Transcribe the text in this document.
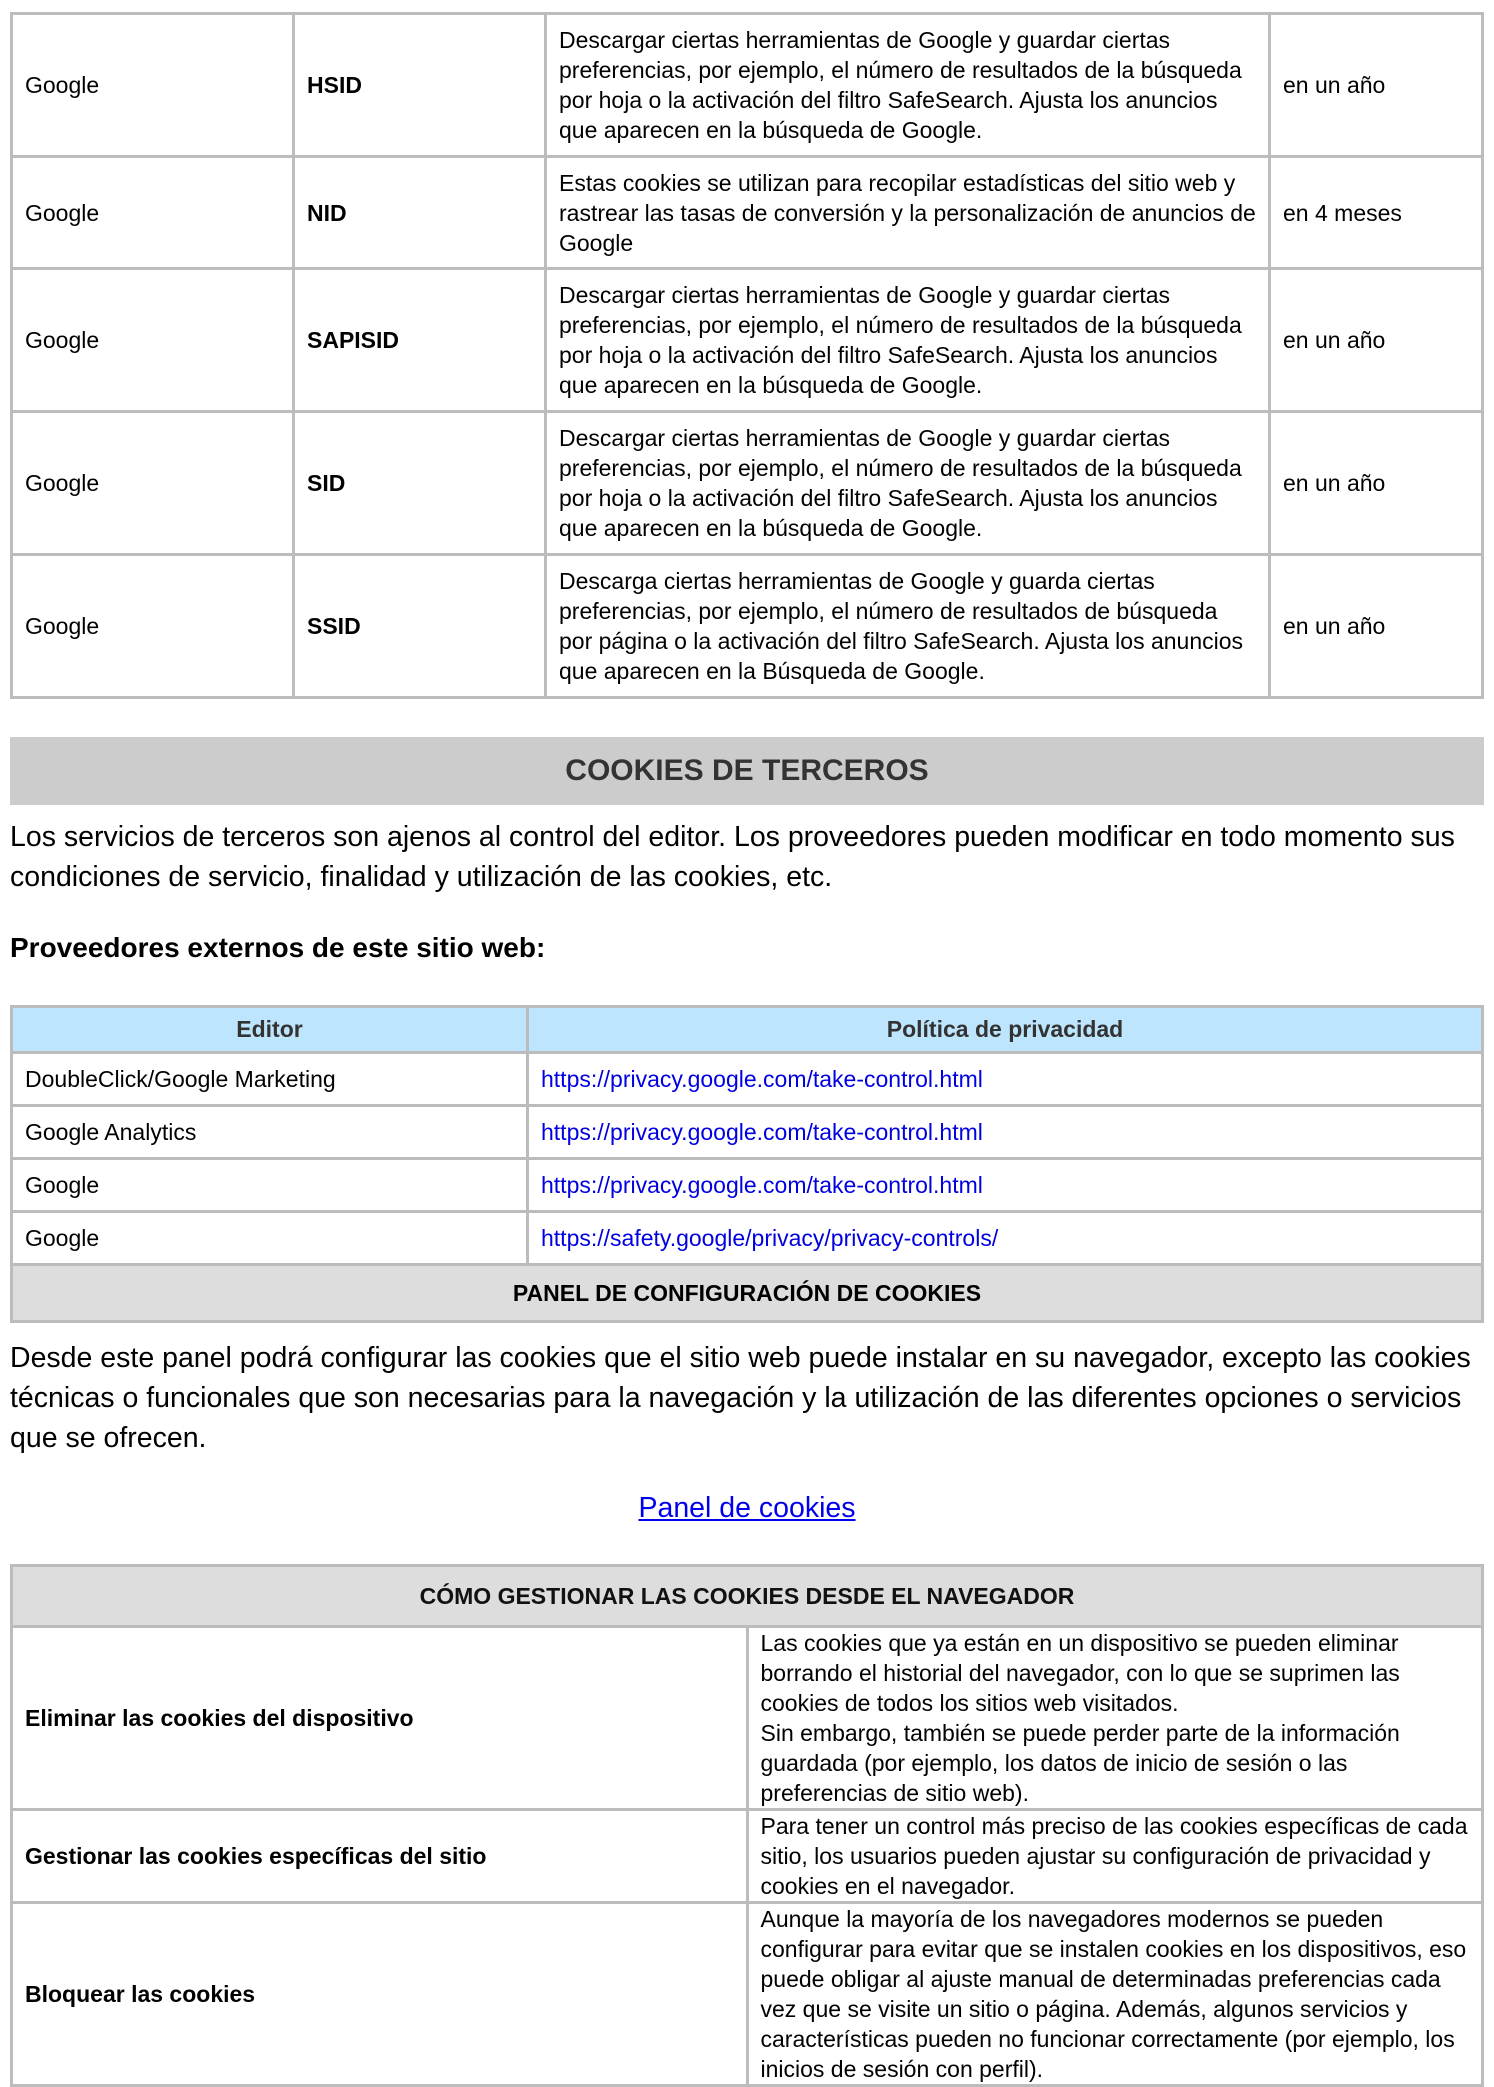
Google	HSID	Descargar ciertas herramientas de Google y guardar ciertas preferencias, por ejemplo, el número de resultados de la búsqueda por hoja o la activación del filtro SafeSearch. Ajusta los anuncios que aparecen en la búsqueda de Google.	en un año
Google	NID	Estas cookies se utilizan para recopilar estadísticas del sitio web y rastrear las tasas de conversión y la personalización de anuncios de Google	en 4 meses
Google	SAPISID	Descargar ciertas herramientas de Google y guardar ciertas preferencias, por ejemplo, el número de resultados de la búsqueda por hoja o la activación del filtro SafeSearch. Ajusta los anuncios que aparecen en la búsqueda de Google.	en un año
Google	SID	Descargar ciertas herramientas de Google y guardar ciertas preferencias, por ejemplo, el número de resultados de la búsqueda por hoja o la activación del filtro SafeSearch. Ajusta los anuncios que aparecen en la búsqueda de Google.	en un año
Google	SSID	Descarga ciertas herramientas de Google y guarda ciertas preferencias, por ejemplo, el número de resultados de búsqueda por página o la activación del filtro SafeSearch. Ajusta los anuncios que aparecen en la Búsqueda de Google.	en un año
COOKIES DE TERCEROS
Los servicios de terceros son ajenos al control del editor. Los proveedores pueden modificar en todo momento sus condiciones de servicio, finalidad y utilización de las cookies, etc.
Proveedores externos de este sitio web:
Editor	Política de privacidad
DoubleClick/Google Marketing	https://privacy.google.com/take-control.html
Google Analytics	https://privacy.google.com/take-control.html
Google	https://privacy.google.com/take-control.html
Google	https://safety.google/privacy/privacy-controls/
PANEL DE CONFIGURACIÓN DE COOKIES	
Desde este panel podrá configurar las cookies que el sitio web puede instalar en su navegador, excepto las cookies técnicas o funcionales que son necesarias para la navegación y la utilización de las diferentes opciones o servicios que se ofrecen.
Panel de cookies
CÓMO GESTIONAR LAS COOKIES DESDE EL NAVEGADOR	
Eliminar las cookies del dispositivo	Las cookies que ya están en un dispositivo se pueden eliminar borrando el historial del navegador, con lo que se suprimen las cookies de todos los sitios web visitados.
Sin embargo, también se puede perder parte de la información guardada (por ejemplo, los datos de inicio de sesión o las preferencias de sitio web).

Gestionar las cookies específicas del sitio	Para tener un control más preciso de las cookies específicas de cada sitio, los usuarios pueden ajustar su configuración de privacidad y cookies en el navegador.
Bloquear las cookies	Aunque la mayoría de los navegadores modernos se pueden configurar para evitar que se instalen cookies en los dispositivos, eso puede obligar al ajuste manual de determinadas preferencias cada vez que se visite un sitio o página. Además, algunos servicios y características pueden no funcionar correctamente (por ejemplo, los inicios de sesión con perfil).
